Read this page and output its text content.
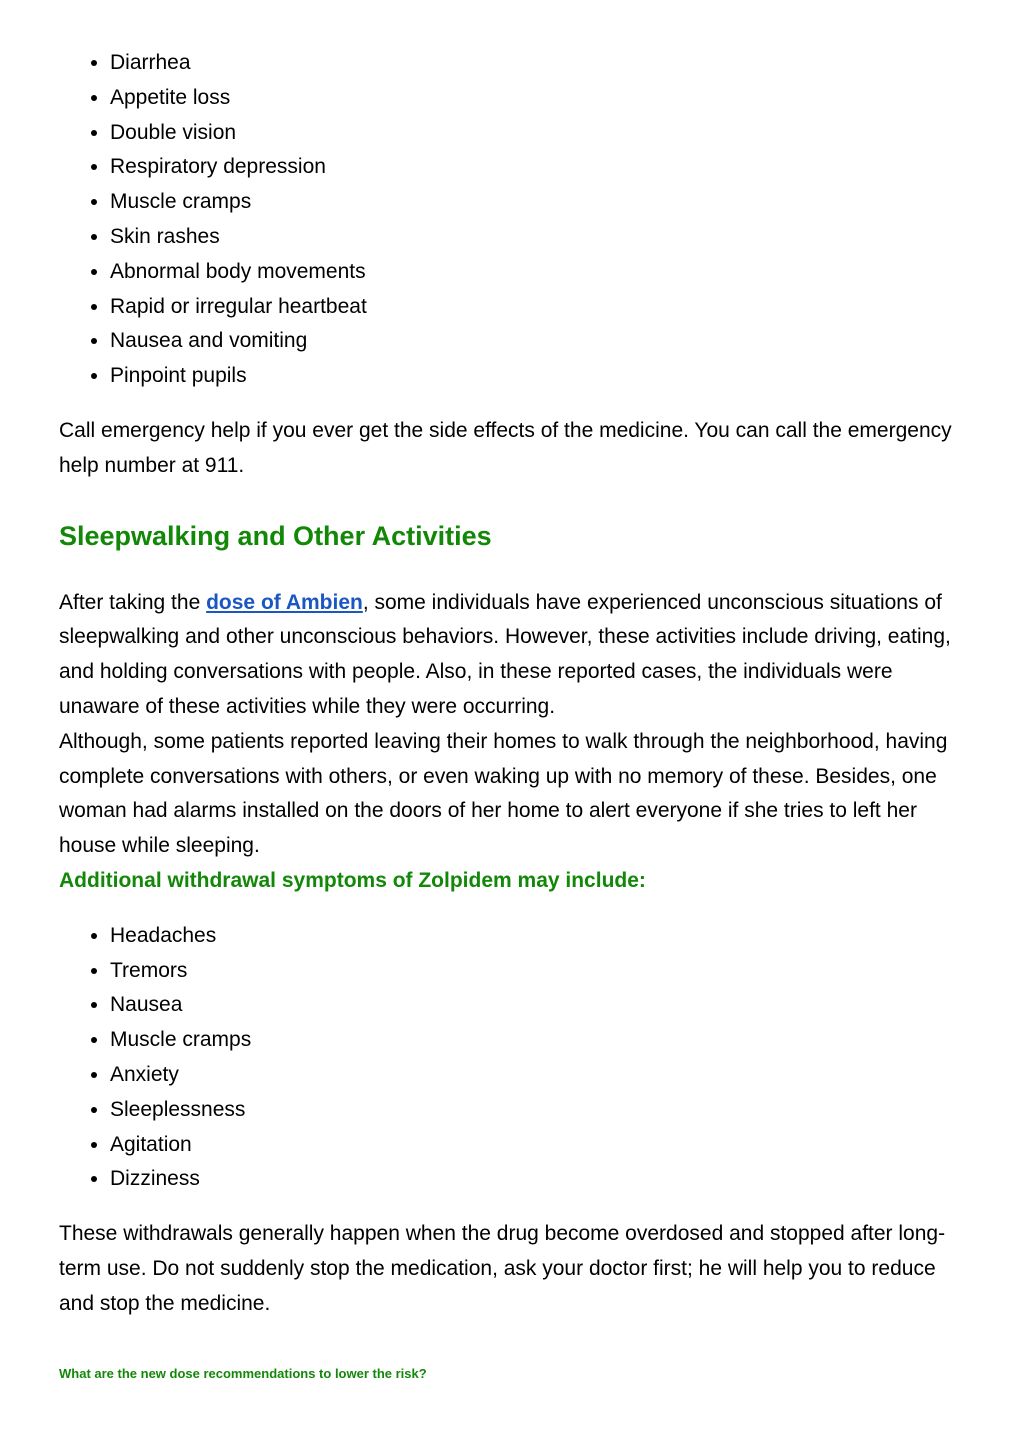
• Diarrhea
• Appetite loss
• Double vision
• Respiratory depression
• Muscle cramps
• Skin rashes
• Abnormal body movements
• Rapid or irregular heartbeat
• Nausea and vomiting
• Pinpoint pupils

Call emergency help if you ever get the side effects of the medicine. You can call the emergency help number at 911.

Sleepwalking and Other Activities

After taking the dose of Ambien, some individuals have experienced unconscious situations of sleepwalking and other unconscious behaviors. However, these activities include driving, eating, and holding conversations with people. Also, in these reported cases, the individuals were unaware of these activities while they were occurring.

Although, some patients reported leaving their homes to walk through the neighborhood, having complete conversations with others, or even waking up with no memory of these. Besides, one woman had alarms installed on the doors of her home to alert everyone if she tries to left her house while sleeping.

Additional withdrawal symptoms of Zolpidem may include:

• Headaches
• Tremors
• Nausea
• Muscle cramps
• Anxiety
• Sleeplessness
• Agitation
• Dizziness

These withdrawals generally happen when the drug become overdosed and stopped after long-term use. Do not suddenly stop the medication, ask your doctor first; he will help you to reduce and stop the medicine.

What are the new dose recommendations to lower the risk?
